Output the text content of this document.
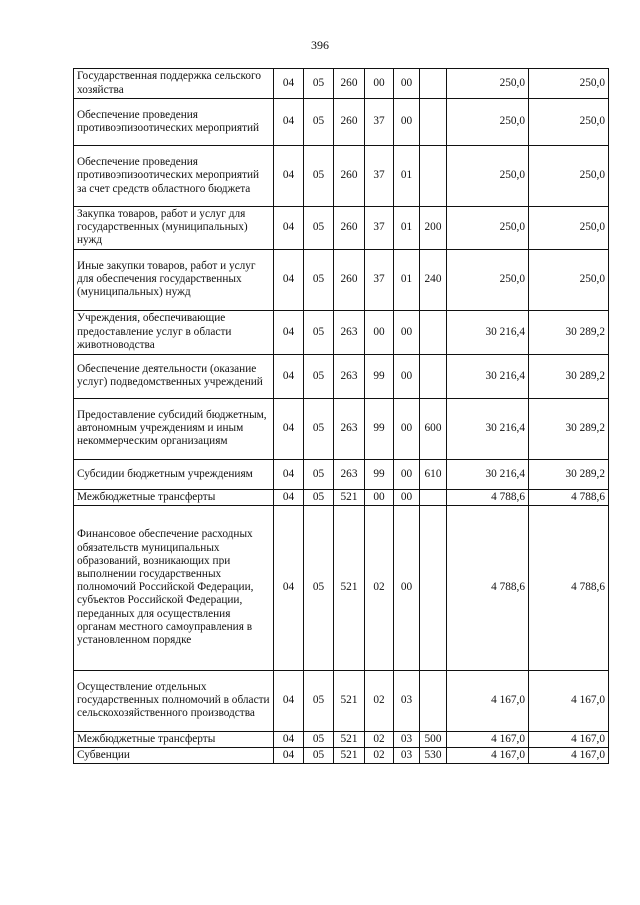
396
Государственная поддержка сельского хозяйства	04	05	260	00	00		250,0	250,0
Обеспечение проведения противоэпизоотических мероприятий	04	05	260	37	00		250,0	250,0
Обеспечение проведения противоэпизоотических мероприятий за счет средств областного бюджета	04	05	260	37	01		250,0	250,0
Закупка товаров, работ и услуг для государственных (муниципальных) нужд	04	05	260	37	01	200	250,0	250,0
Иные закупки товаров, работ и услуг для обеспечения государственных (муниципальных) нужд	04	05	260	37	01	240	250,0	250,0
Учреждения, обеспечивающие предоставление услуг в области животноводства	04	05	263	00	00		30 216,4	30 289,2
Обеспечение деятельности (оказание услуг) подведомственных учреждений	04	05	263	99	00		30 216,4	30 289,2
Предоставление субсидий бюджетным, автономным учреждениям и иным некоммерческим организациям	04	05	263	99	00	600	30 216,4	30 289,2
Субсидии бюджетным учреждениям	04	05	263	99	00	610	30 216,4	30 289,2
Межбюджетные трансферты	04	05	521	00	00		4 788,6	4 788,6
Финансовое обеспечение расходных обязательств муниципальных образований, возникающих при выполнении государственных полномочий Российской Федерации, субъектов Российской Федерации, переданных для осуществления органам местного самоуправления в установленном порядке	04	05	521	02	00		4 788,6	4 788,6
Осуществление отдельных государственных полномочий в области сельскохозяйственного производства	04	05	521	02	03		4 167,0	4 167,0
Межбюджетные трансферты	04	05	521	02	03	500	4 167,0	4 167,0
Субвенции	04	05	521	02	03	530	4 167,0	4 167,0
